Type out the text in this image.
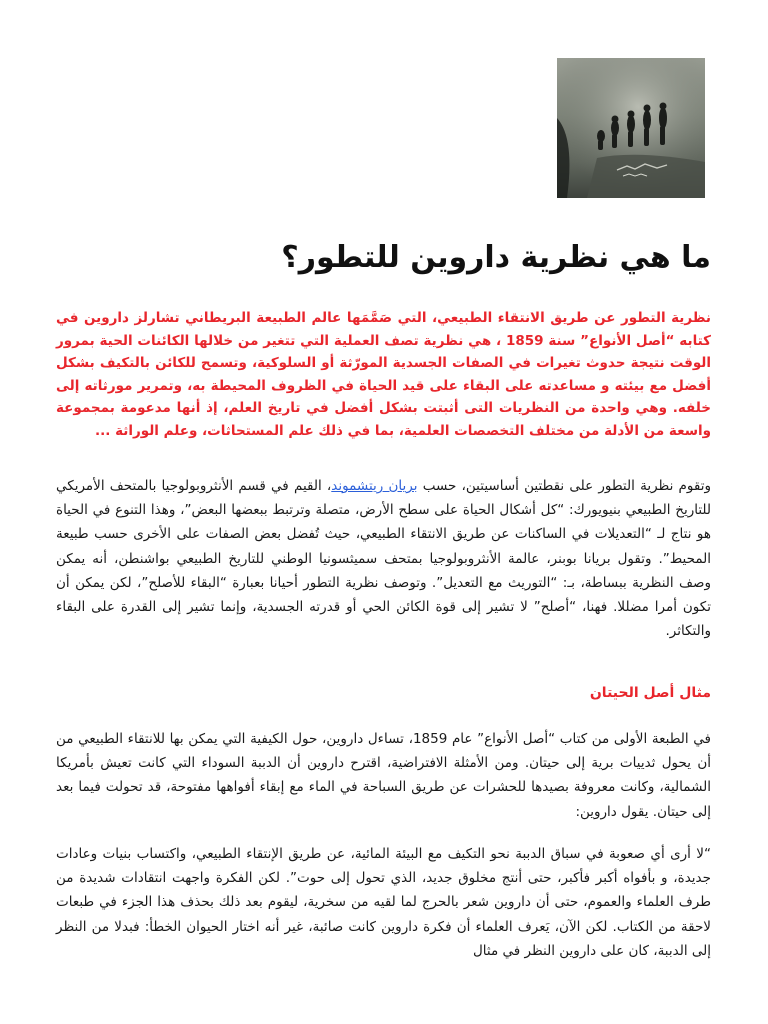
ما هي نظرية داروين للتطور؟

نظرية التطور عن طريق الانتقاء الطبيعي، التي صَمَّمَها عالم الطبيعة البريطاني تشارلز داروين في كتابه “أصل الأنواع” سنة 1859 ، هي نظرية تصف العملية التي تتغير من خلالها الكائنات الحية بمرور الوقت نتيجة حدوث تغيرات في الصفات الجسدية المورّثة أو السلوكية، وتسمح للكائن بالتكيف بشكل أفضل مع بيئته و مساعدته على البقاء على قيد الحياة في الظروف المحيطة به، وتمرير مورثاته إلى خلفه. وهي واحدة من النظريات التى أثبتت بشكل أفضل في تاريخ العلم، إذ أنها مدعومة بمجموعة واسعة من الأدلة من مختلف التخصصات العلمية، بما في ذلك علم المستحاثات، وعلم الوراثة ...

وتقوم نظرية التطور على نقطتين أساسيتين، حسب بريان ريتشموند، القيم في قسم الأنثروبولوجيا بالمتحف الأمريكي للتاريخ الطبيعي بنيويورك: “كل أشكال الحياة على سطح الأرض، متصلة وترتبط ببعضها البعض”، وهذا التنوع في الحياة هو نتاج لـ “التعديلات في الساكنات عن طريق الانتقاء الطبيعي، حيث تُفضل بعض الصفات على الأخرى حسب طبيعة المحيط”. وتقول بريانا بوبنر، عالمة الأنثروبولوجيا بمتحف سميثسونيا الوطني للتاريخ الطبيعي بواشنطن، أنه يمكن وصف النظرية ببساطة، بـ: “التوريث مع التعديل”. وتوصف نظرية التطور أحيانا بعبارة “البقاء للأصلح”، لكن يمكن أن تكون أمرا مضللا. فهنا، “أصلح” لا تشير إلى قوة الكائن الحي أو قدرته الجسدية، وإنما تشير إلى القدرة على البقاء والتكاثر.

مثال أصل الحيتان

في الطبعة الأولى من كتاب “أصل الأنواع” عام 1859، تساءل داروين، حول الكيفية التي يمكن بها للانتقاء الطبيعي من أن يحول ثدييات برية إلى حيتان. ومن الأمثلة الافتراضية، اقترح داروين أن الدببة السوداء التي كانت تعيش بأمريكا الشمالية، وكانت معروفة بصيدها للحشرات عن طريق السباحة في الماء مع إبقاء أفواهها مفتوحة، قد تحولت فيما بعد إلى حيتان. يقول داروين:

“لا أرى أي صعوبة في سباق الدببة نحو التكيف مع البيئة المائية، عن طريق الإنتقاء الطبيعي، واكتساب بنيات وعادات جديدة، و بأفواه أكبر فأكبر، حتى أنتج مخلوق جديد، الذي تحول إلى حوت”. لكن الفكرة واجهت انتقادات شديدة من طرف العلماء والعموم، حتى أن داروين شعر بالحرج لما لقيه من سخرية، ليقوم بعد ذلك بحذف هذا الجزء في طبعات لاحقة من الكتاب. لكن الآن، يَعرف العلماء أن فكرة داروين كانت صائبة، غير أنه اختار الحيوان الخطأ: فبدلا من النظر إلى الدببة، كان على داروين النظر في مثال
